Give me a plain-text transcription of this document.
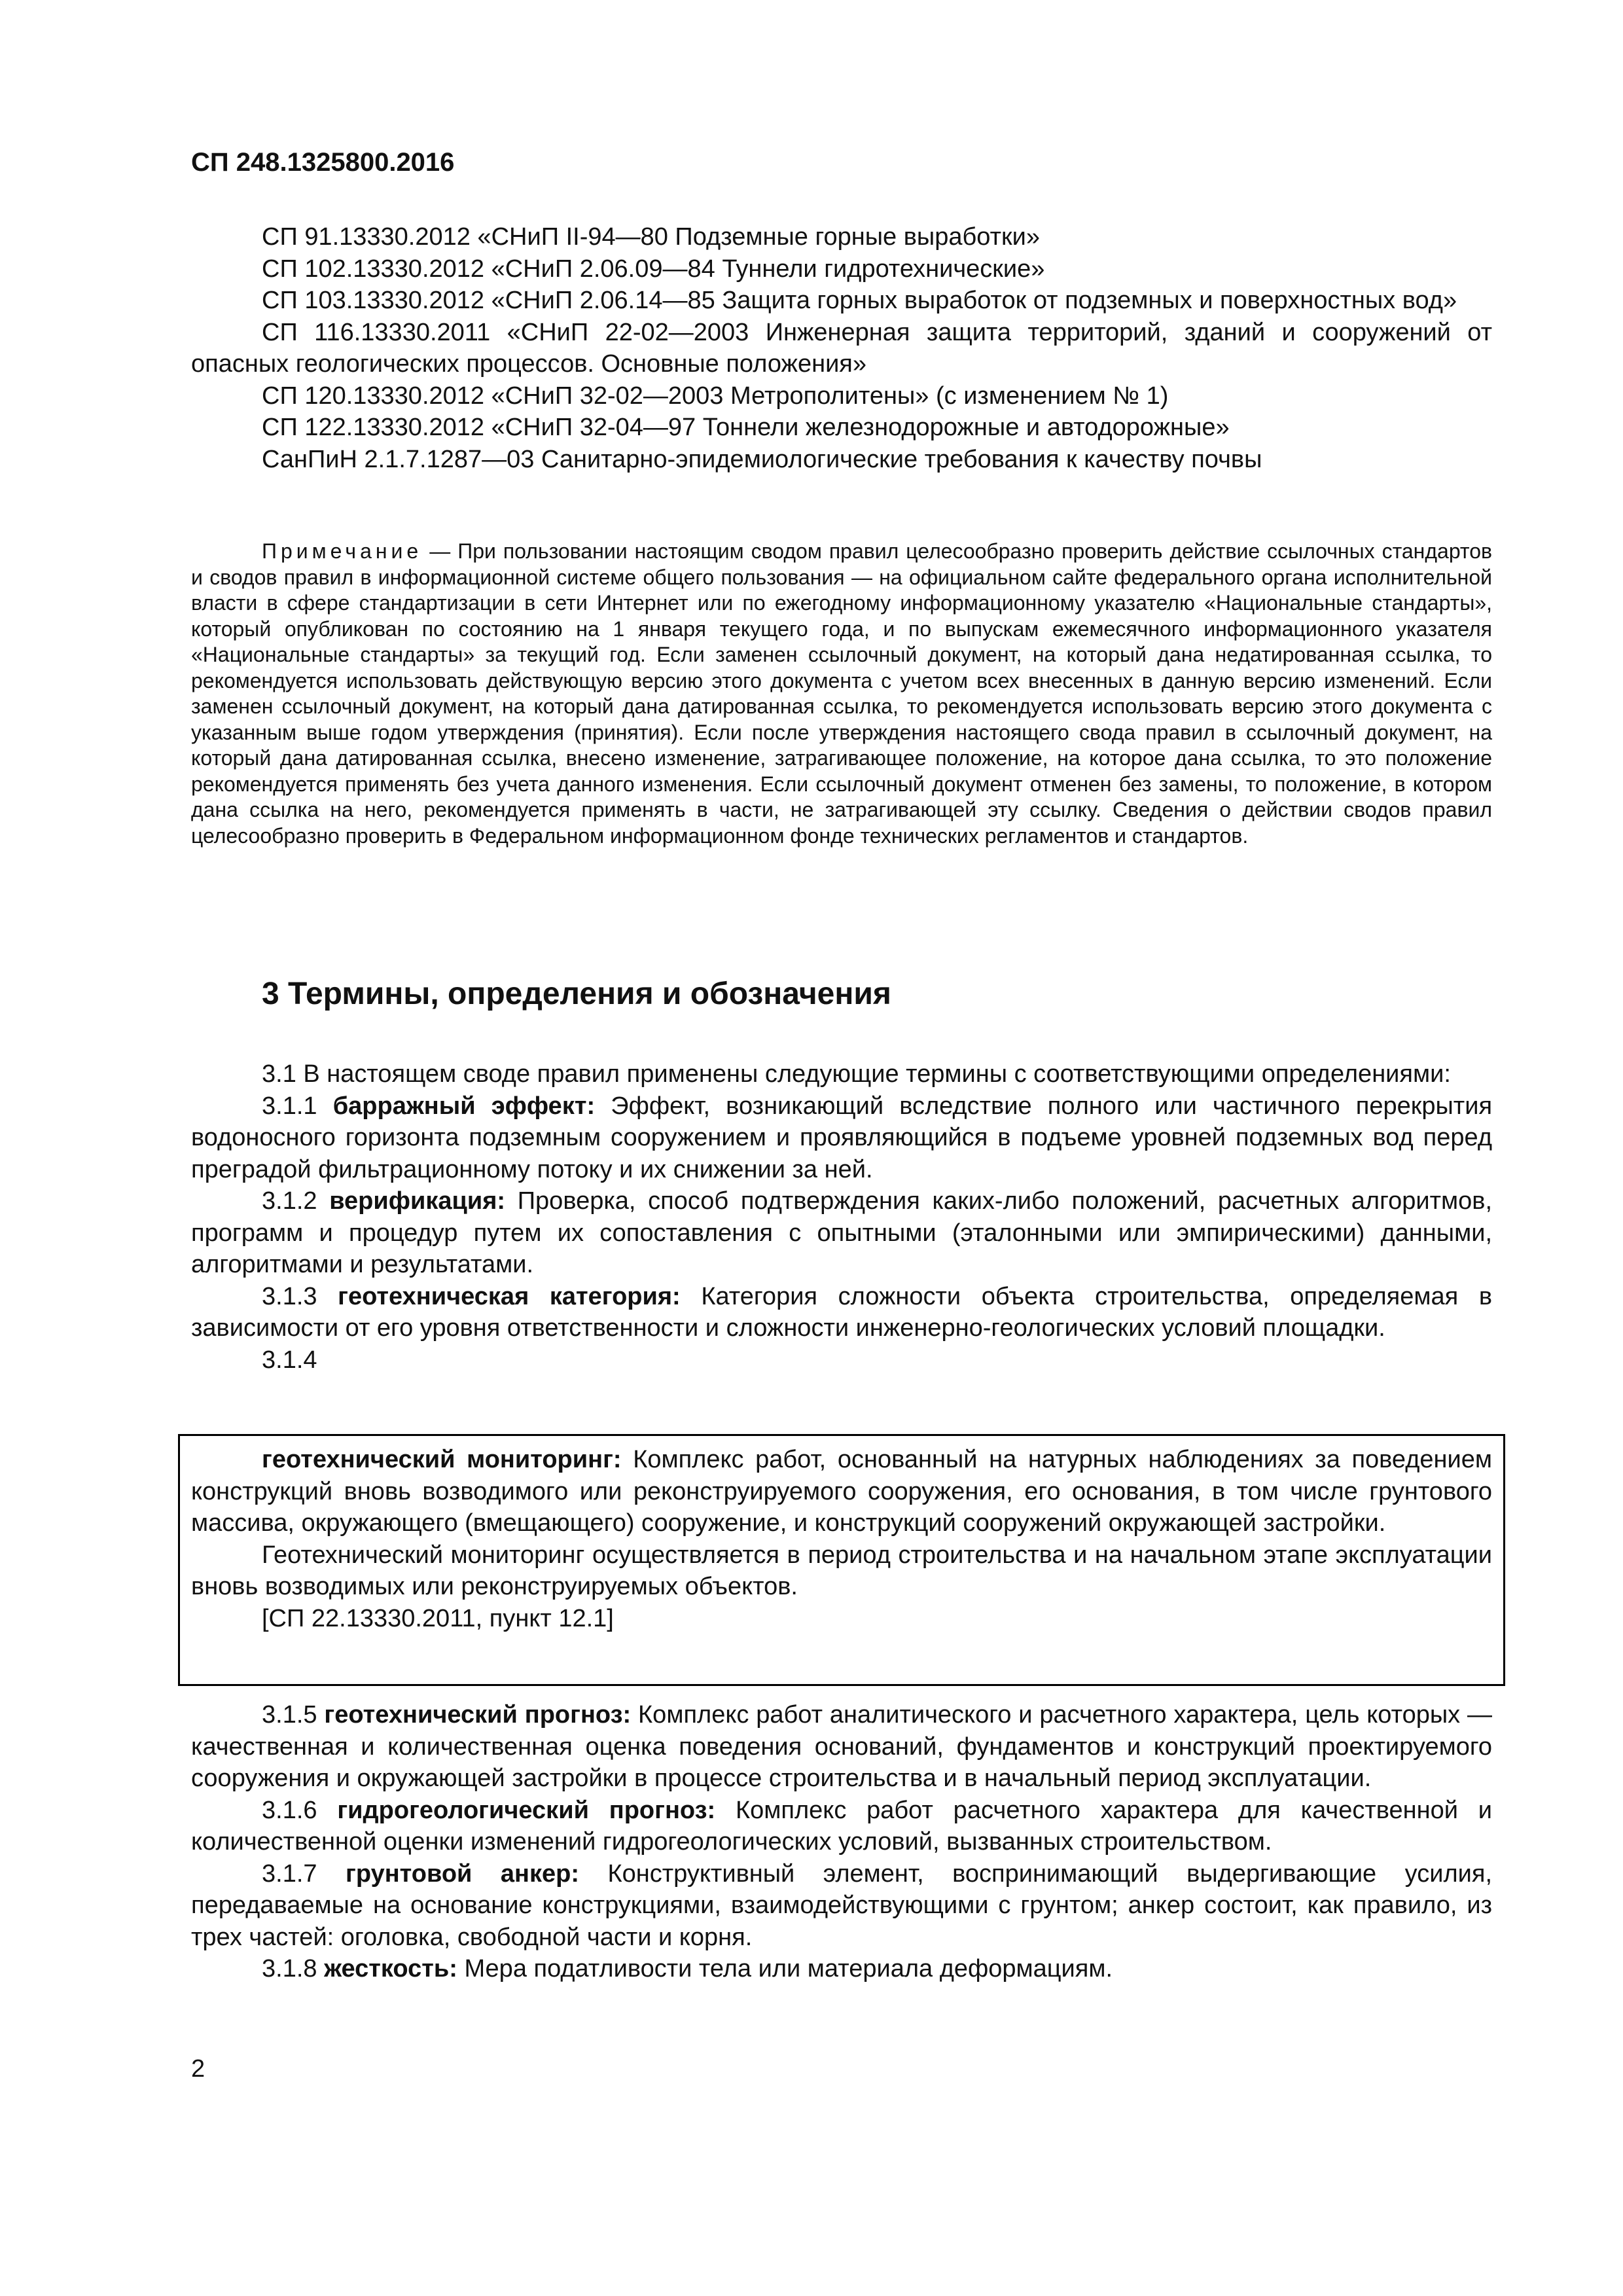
СП 248.1325800.2016

СП 91.13330.2012 «СНиП II-94—80 Подземные горные выработки»

СП 102.13330.2012 «СНиП 2.06.09—84 Туннели гидротехнические»

СП 103.13330.2012 «СНиП 2.06.14—85 Защита горных выработок от подземных и поверхностных вод»

СП 116.13330.2011 «СНиП 22-02—2003 Инженерная защита территорий, зданий и сооружений от опасных геологических процессов. Основные положения»

СП 120.13330.2012 «СНиП 32-02—2003 Метрополитены» (с изменением № 1)

СП 122.13330.2012 «СНиП 32-04—97 Тоннели железнодорожные и автодорожные»

СанПиН 2.1.7.1287—03 Санитарно-эпидемиологические требования к качеству почвы

Примечание — При пользовании настоящим сводом правил целесообразно проверить действие ссылочных стандартов и сводов правил в информационной системе общего пользования — на официальном сайте федерального органа исполнительной власти в сфере стандартизации в сети Интернет или по ежегодному информационному указателю «Национальные стандарты», который опубликован по состоянию на 1 января текущего года, и по выпускам ежемесячного информационного указателя «Национальные стандарты» за текущий год. Если заменен ссылочный документ, на который дана недатированная ссылка, то рекомендуется использовать действующую версию этого документа с учетом всех внесенных в данную версию изменений. Если заменен ссылочный документ, на который дана датированная ссылка, то рекомендуется использовать версию этого документа с указанным выше годом утверждения (принятия). Если после утверждения настоящего свода правил в ссылочный документ, на который дана датированная ссылка, внесено изменение, затрагивающее положение, на которое дана ссылка, то это положение рекомендуется применять без учета данного изменения. Если ссылочный документ отменен без замены, то положение, в котором дана ссылка на него, рекомендуется применять в части, не затрагивающей эту ссылку. Сведения о действии сводов правил целесообразно проверить в Федеральном информационном фонде технических регламентов и стандартов.

3 Термины, определения и обозначения

3.1 В настоящем своде правил применены следующие термины с соответствующими определениями:

3.1.1 барражный эффект: Эффект, возникающий вследствие полного или частичного перекрытия водоносного горизонта подземным сооружением и проявляющийся в подъеме уровней подземных вод перед преградой фильтрационному потоку и их снижении за ней.

3.1.2 верификация: Проверка, способ подтверждения каких-либо положений, расчетных алгоритмов, программ и процедур путем их сопоставления с опытными (эталонными или эмпирическими) данными, алгоритмами и результатами.

3.1.3 геотехническая категория: Категория сложности объекта строительства, определяемая в зависимости от его уровня ответственности и сложности инженерно-геологических условий площадки.

3.1.4

геотехнический мониторинг: Комплекс работ, основанный на натурных наблюдениях за поведением конструкций вновь возводимого или реконструируемого сооружения, его основания, в том числе грунтового массива, окружающего (вмещающего) сооружение, и конструкций сооружений окружающей застройки.

Геотехнический мониторинг осуществляется в период строительства и на начальном этапе эксплуатации вновь возводимых или реконструируемых объектов.

[СП 22.13330.2011, пункт 12.1]

3.1.5 геотехнический прогноз: Комплекс работ аналитического и расчетного характера, цель которых — качественная и количественная оценка поведения оснований, фундаментов и конструкций проектируемого сооружения и окружающей застройки в процессе строительства и в начальный период эксплуатации.

3.1.6 гидрогеологический прогноз: Комплекс работ расчетного характера для качественной и количественной оценки изменений гидрогеологических условий, вызванных строительством.

3.1.7 грунтовой анкер: Конструктивный элемент, воспринимающий выдергивающие усилия, передаваемые на основание конструкциями, взаимодействующими с грунтом; анкер состоит, как правило, из трех частей: оголовка, свободной части и корня.

3.1.8 жесткость: Мера податливости тела или материала деформациям.

2
